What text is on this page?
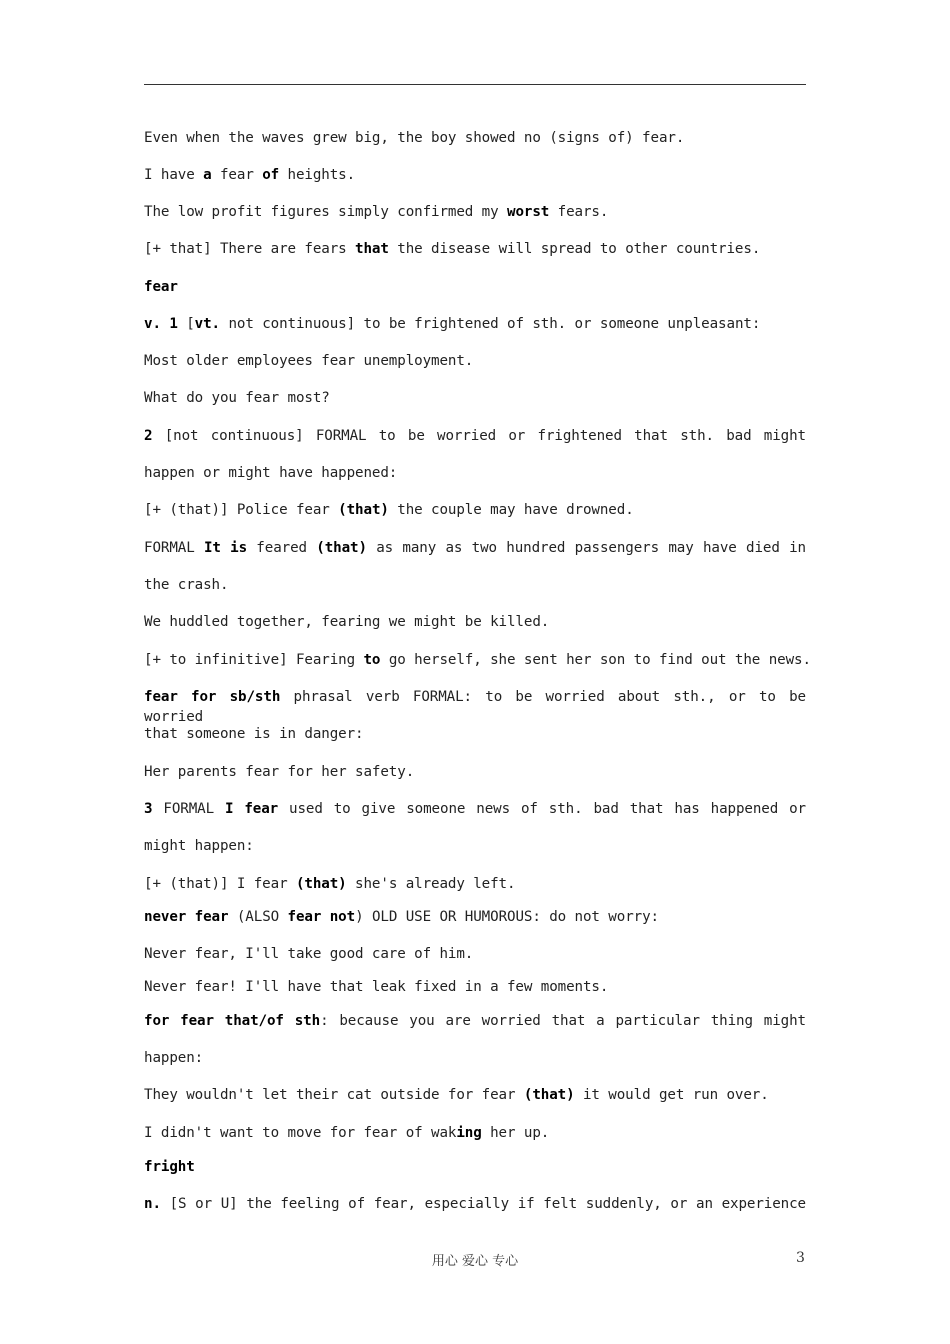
Even when the waves grew big, the boy showed no (signs of) fear.
I have a fear of heights.
The low profit figures simply confirmed my worst fears.
[+ that] There are fears that the disease will spread to other countries.
fear
v. 1 [vt. not continuous] to be frightened of sth. or someone unpleasant:
Most older employees fear unemployment.
What do you fear most?
2 [not continuous] FORMAL to be worried or frightened that sth. bad might
happen or might have happened:
[+ (that)] Police fear (that) the couple may have drowned.
FORMAL It is feared (that) as many as two hundred passengers may have died in
the crash.
We huddled together, fearing we might be killed.
[+ to infinitive] Fearing to go herself, she sent her son to find out the news.
fear for sb/sth phrasal verb FORMAL: to be worried about sth., or to be worried
that someone is in danger:
Her parents fear for her safety.
3 FORMAL I fear used to give someone news of sth. bad that has happened or
might happen:
[+ (that)] I fear (that) she's already left.
never fear (ALSO fear not) OLD USE OR HUMOROUS: do not worry:
Never fear, I'll take good care of him.
Never fear! I'll have that leak fixed in a few moments.
for fear that/of sth: because you are worried that a particular thing might
happen:
They wouldn't let their cat outside for fear (that) it would get run over.
I didn't want to move for fear of waking her up.
fright
n. [S or U] the feeling of fear, especially if felt suddenly, or an experience
用心 爱心 专心	3
